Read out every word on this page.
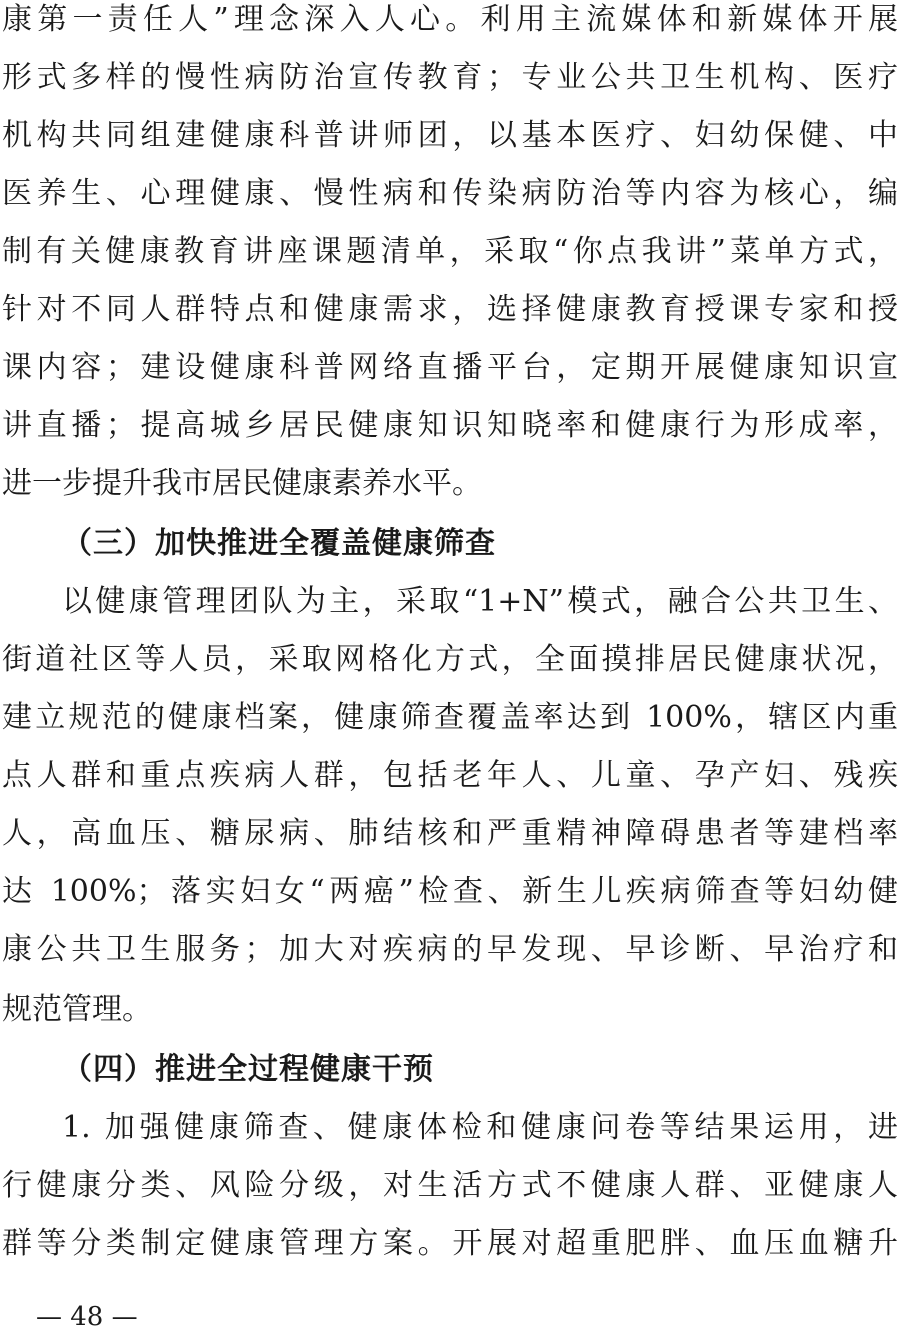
康第一责任人”理念深入人心。利用主流媒体和新媒体开展
形式多样的慢性病防治宣传教育；专业公共卫生机构、医疗
机构共同组建健康科普讲师团，以基本医疗、妇幼保健、中
医养生、心理健康、慢性病和传染病防治等内容为核心，编
制有关健康教育讲座课题清单，采取“你点我讲”菜单方式，
针对不同人群特点和健康需求，选择健康教育授课专家和授
课内容；建设健康科普网络直播平台，定期开展健康知识宣
讲直播；提高城乡居民健康知识知晓率和健康行为形成率，
进一步提升我市居民健康素养水平。
（三）加快推进全覆盖健康筛查
以健康管理团队为主，采取“1+N”模式，融合公共卫生、
街道社区等人员，采取网格化方式，全面摸排居民健康状况，
建立规范的健康档案，健康筛查覆盖率达到 100%，辖区内重
点人群和重点疾病人群，包括老年人、儿童、孕产妇、残疾
人，高血压、糖尿病、肺结核和严重精神障碍患者等建档率
达 100%；落实妇女“两癌”检查、新生儿疾病筛查等妇幼健
康公共卫生服务；加大对疾病的早发现、早诊断、早治疗和
规范管理。
（四）推进全过程健康干预
1. 加强健康筛查、健康体检和健康问卷等结果运用，进
行健康分类、风险分级，对生活方式不健康人群、亚健康人
群等分类制定健康管理方案。开展对超重肥胖、血压血糖升
— 48 —
